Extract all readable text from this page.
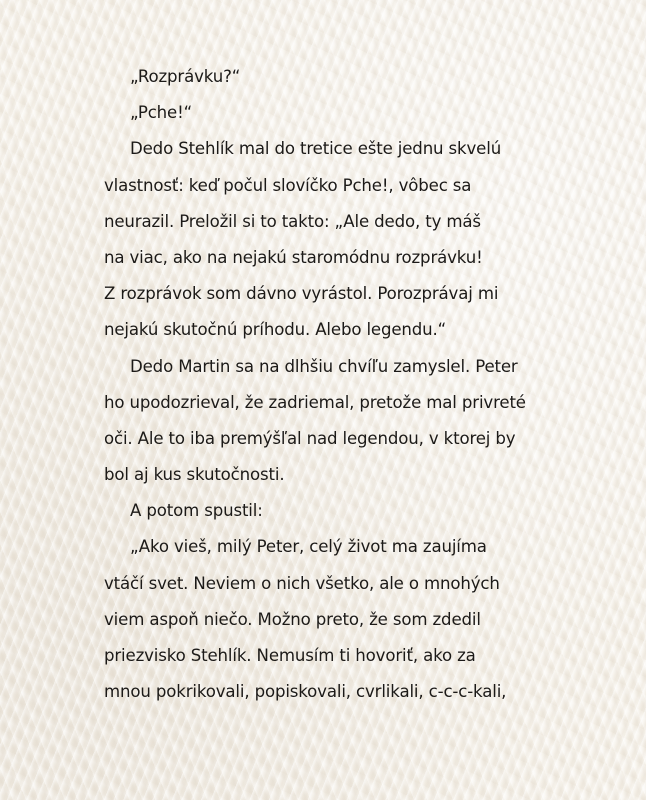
„Rozprávku?“
„Pche!“
Dedo Stehlík mal do tretice ešte jednu skvelú
vlastnosť: keď počul slovíčko Pche!, vôbec sa
neurazil. Preložil si to takto: „Ale dedo, ty máš
na viac, ako na nejakú staromódnu rozprávku!
Z rozprávok som dávno vyrástol. Porozprávaj mi
nejakú skutočnú príhodu. Alebo legendu.“
Dedo Martin sa na dlhšiu chvíľu zamyslel. Peter
ho upodozrieval, že zadriemal, pretože mal privreté
oči. Ale to iba premýšľal nad legendou, v ktorej by
bol aj kus skutočnosti.
A potom spustil:
„Ako vieš, milý Peter, celý život ma zaujíma
vtáčí svet. Neviem o nich všetko, ale o mnohých
viem aspoň niečo. Možno preto, že som zdedil
priezvisko Stehlík. Nemusím ti hovoriť, ako za
mnou pokrikovali, popiskovali, cvrlikali, c-c-c-kali,
